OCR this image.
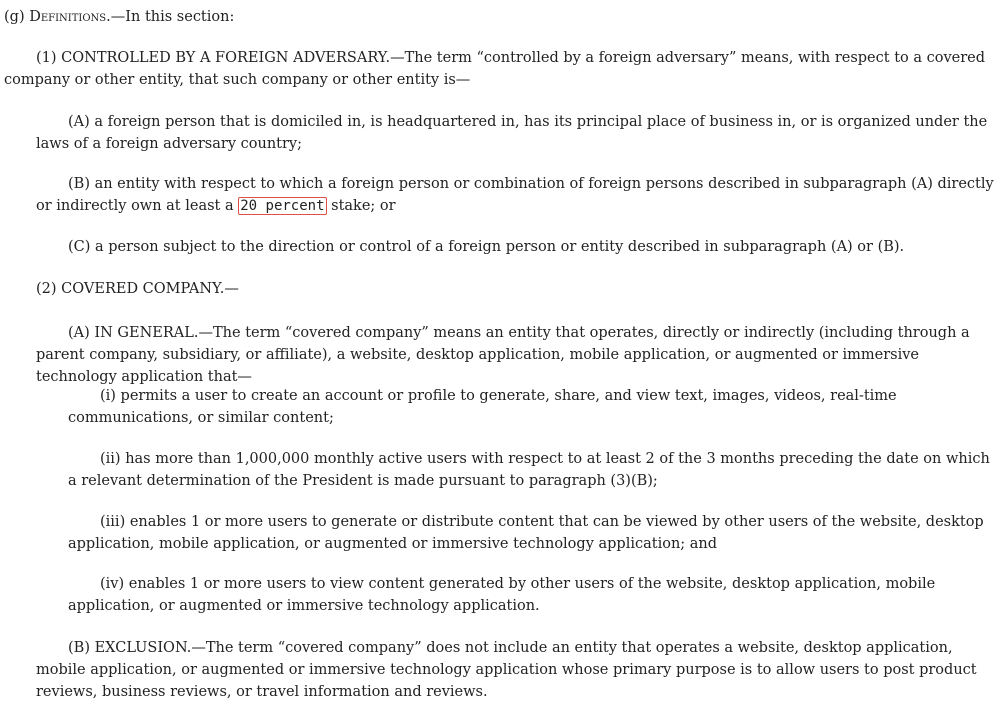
(g) Definitions.—In this section:

(1) CONTROLLED BY A FOREIGN ADVERSARY.—The term “controlled by a foreign adversary” means, with respect to a covered company or other entity, that such company or other entity is—

(A) a foreign person that is domiciled in, is headquartered in, has its principal place of business in, or is organized under the laws of a foreign adversary country;

(B) an entity with respect to which a foreign person or combination of foreign persons described in subparagraph (A) directly or indirectly own at least a 20 percent stake; or

(C) a person subject to the direction or control of a foreign person or entity described in subparagraph (A) or (B).

(2) COVERED COMPANY.—

(A) IN GENERAL.—The term “covered company” means an entity that operates, directly or indirectly (including through a parent company, subsidiary, or affiliate), a website, desktop application, mobile application, or augmented or immersive technology application that—

(i) permits a user to create an account or profile to generate, share, and view text, images, videos, real-time communications, or similar content;

(ii) has more than 1,000,000 monthly active users with respect to at least 2 of the 3 months preceding the date on which a relevant determination of the President is made pursuant to paragraph (3)(B);

(iii) enables 1 or more users to generate or distribute content that can be viewed by other users of the website, desktop application, mobile application, or augmented or immersive technology application; and

(iv) enables 1 or more users to view content generated by other users of the website, desktop application, mobile application, or augmented or immersive technology application.

(B) EXCLUSION.—The term “covered company” does not include an entity that operates a website, desktop application, mobile application, or augmented or immersive technology application whose primary purpose is to allow users to post product reviews, business reviews, or travel information and reviews.
